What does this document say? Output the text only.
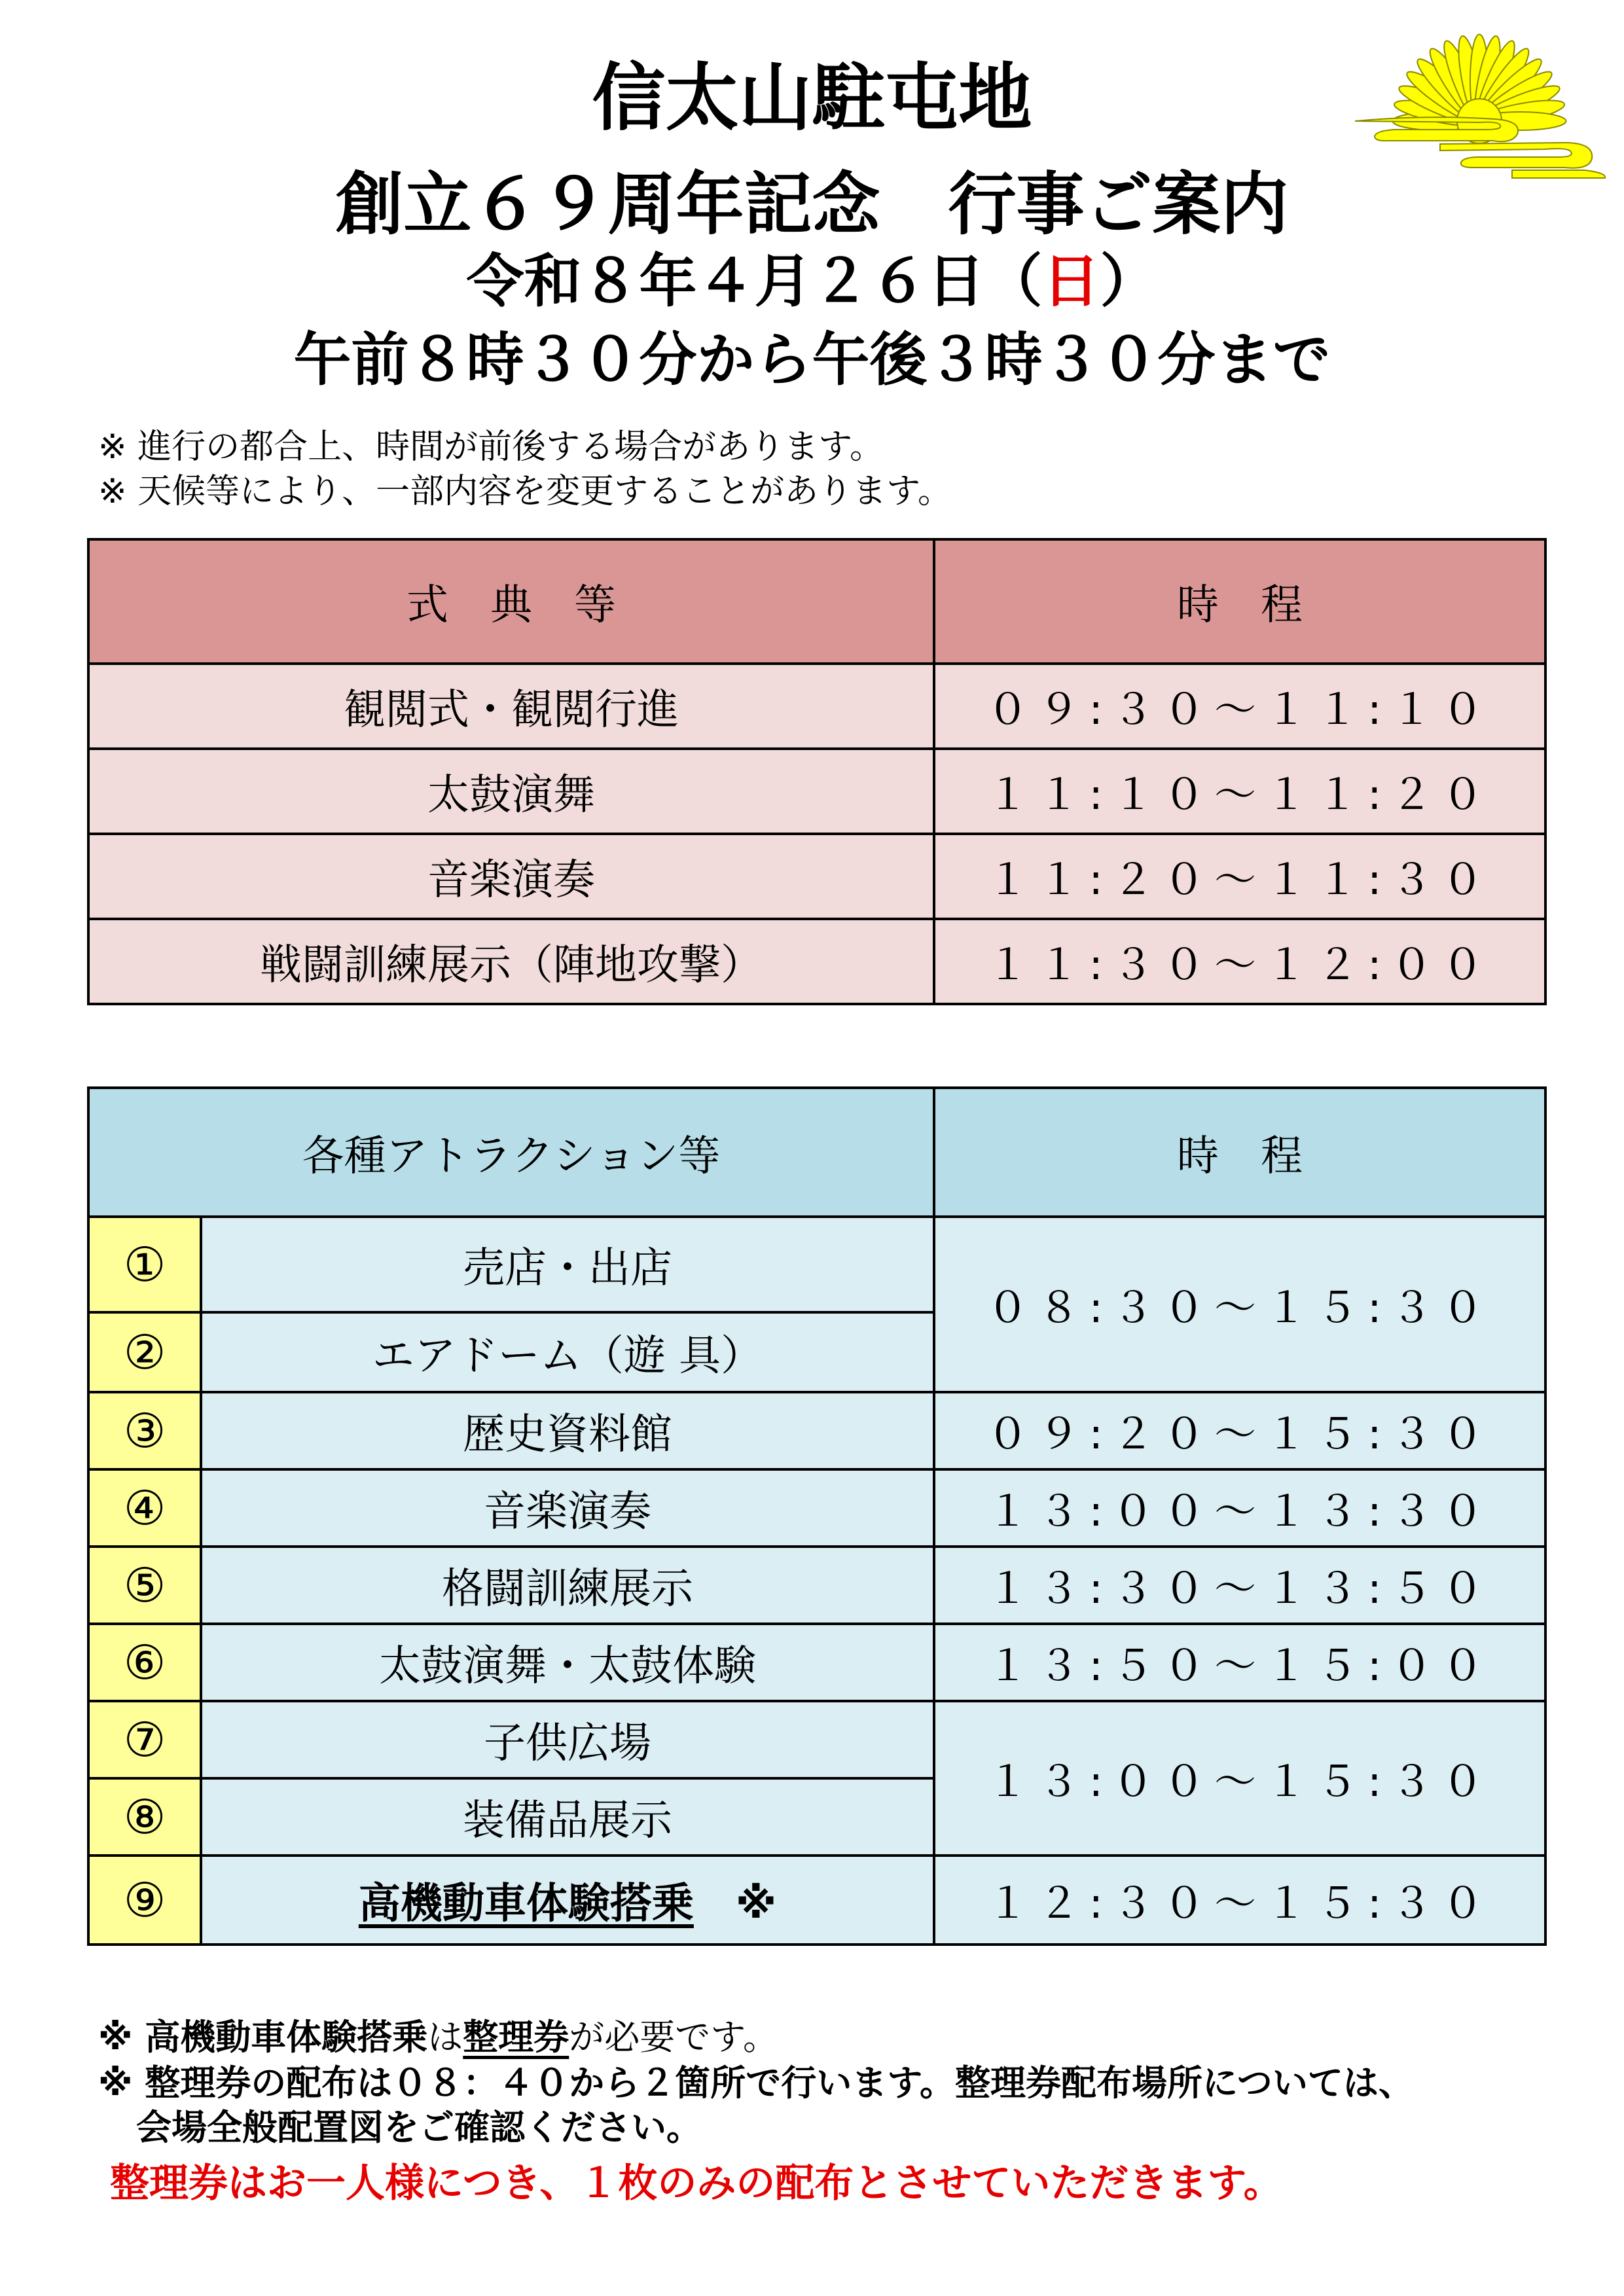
信太山駐屯地
創立６９周年記念　行事ご案内
令和８年４月２６日（日）
午前８時３０分から午後３時３０分まで
※ 進行の都合上、時間が前後する場合があります。
※ 天候等により、一部内容を変更することがあります。
式　典　等	時　程
観閲式・観閲行進	０９:３０～１１:１０
太鼓演舞	１１:１０～１１:２０
音楽演奏	１１:２０～１１:３０
戦闘訓練展示（陣地攻撃）	１１:３０～１２:００
各種アトラクション等		時　程
①	売店・出店	０８:３０～１５:３０
②	エアドーム（遊 具）	
③	歴史資料館	０９:２０～１５:３０
④	音楽演奏	１３:００～１３:３０
⑤	格闘訓練展示	１３:３０～１３:５０
⑥	太鼓演舞・太鼓体験	１３:５０～１５:００
⑦	子供広場	１３:００～１５:３０
⑧	装備品展示	
⑨	高機動車体験搭乗　 ※	１２:３０～１５:３０
※ 高機動車体験搭乗は整理券が必要です。
※ 整理券の配布は０８：４０から２箇所で行います。整理券配布場所については、
会場全般配置図をご確認ください。
整理券はお一人様につき、１枚のみの配布とさせていただきます。
